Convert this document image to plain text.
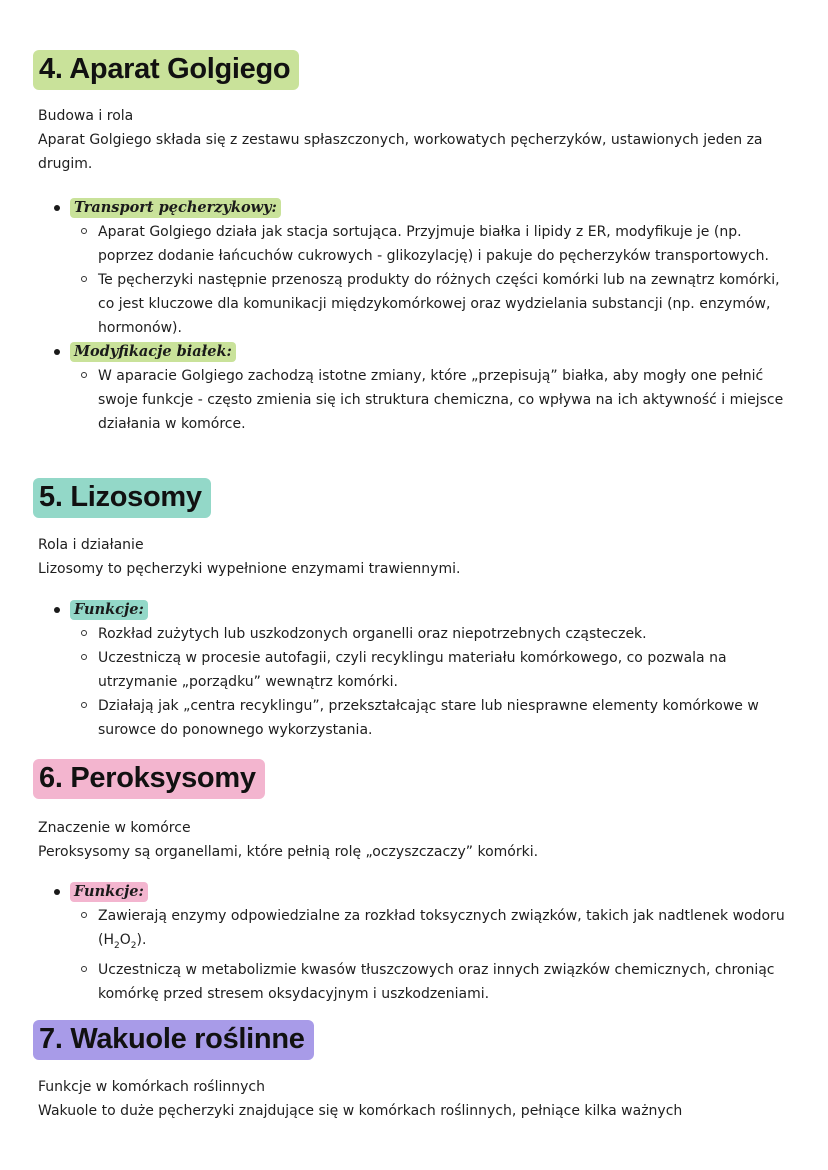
4. Aparat Golgiego

Budowa i rola

Aparat Golgiego składa się z zestawu spłaszczonych, workowatych pęcherzyków, ustawionych jeden za drugim.

Transport pęcherzykowy:
Aparat Golgiego działa jak stacja sortująca. Przyjmuje białka i lipidy z ER, modyfikuje je (np. poprzez dodanie łańcuchów cukrowych - glikozylację) i pakuje do pęcherzyków transportowych.
Te pęcherzyki następnie przenoszą produkty do różnych części komórki lub na zewnątrz komórki, co jest kluczowe dla komunikacji międzykomórkowej oraz wydzielania substancji (np. enzymów, hormonów).
Modyfikacje białek:
W aparacie Golgiego zachodzą istotne zmiany, które „przepisują” białka, aby mogły one pełnić swoje funkcje - często zmienia się ich struktura chemiczna, co wpływa na ich aktywność i miejsce działania w komórce.
5. Lizosomy

Rola i działanie

Lizosomy to pęcherzyki wypełnione enzymami trawiennymi.

Funkcje:
Rozkład zużytych lub uszkodzonych organelli oraz niepotrzebnych cząsteczek.
Uczestniczą w procesie autofagii, czyli recyklingu materiału komórkowego, co pozwala na utrzymanie „porządku” wewnątrz komórki.
Działają jak „centra recyklingu”, przekształcając stare lub niesprawne elementy komórkowe w surowce do ponownego wykorzystania.
6. Peroksysomy

Znaczenie w komórce

Peroksysomy są organellami, które pełnią rolę „oczyszczaczy” komórki.

Funkcje:
Zawierają enzymy odpowiedzialne za rozkład toksycznych związków, takich jak nadtlenek wodoru $(H_2O_2)$.
Uczestniczą w metabolizmie kwasów tłuszczowych oraz innych związków chemicznych, chroniąc komórkę przed stresem oksydacyjnym i uszkodzeniami.
7. Wakuole roślinne

Funkcje w komórkach roślinnych

Wakuole to duże pęcherzyki znajdujące się w komórkach roślinnych, pełniące kilka ważnych
